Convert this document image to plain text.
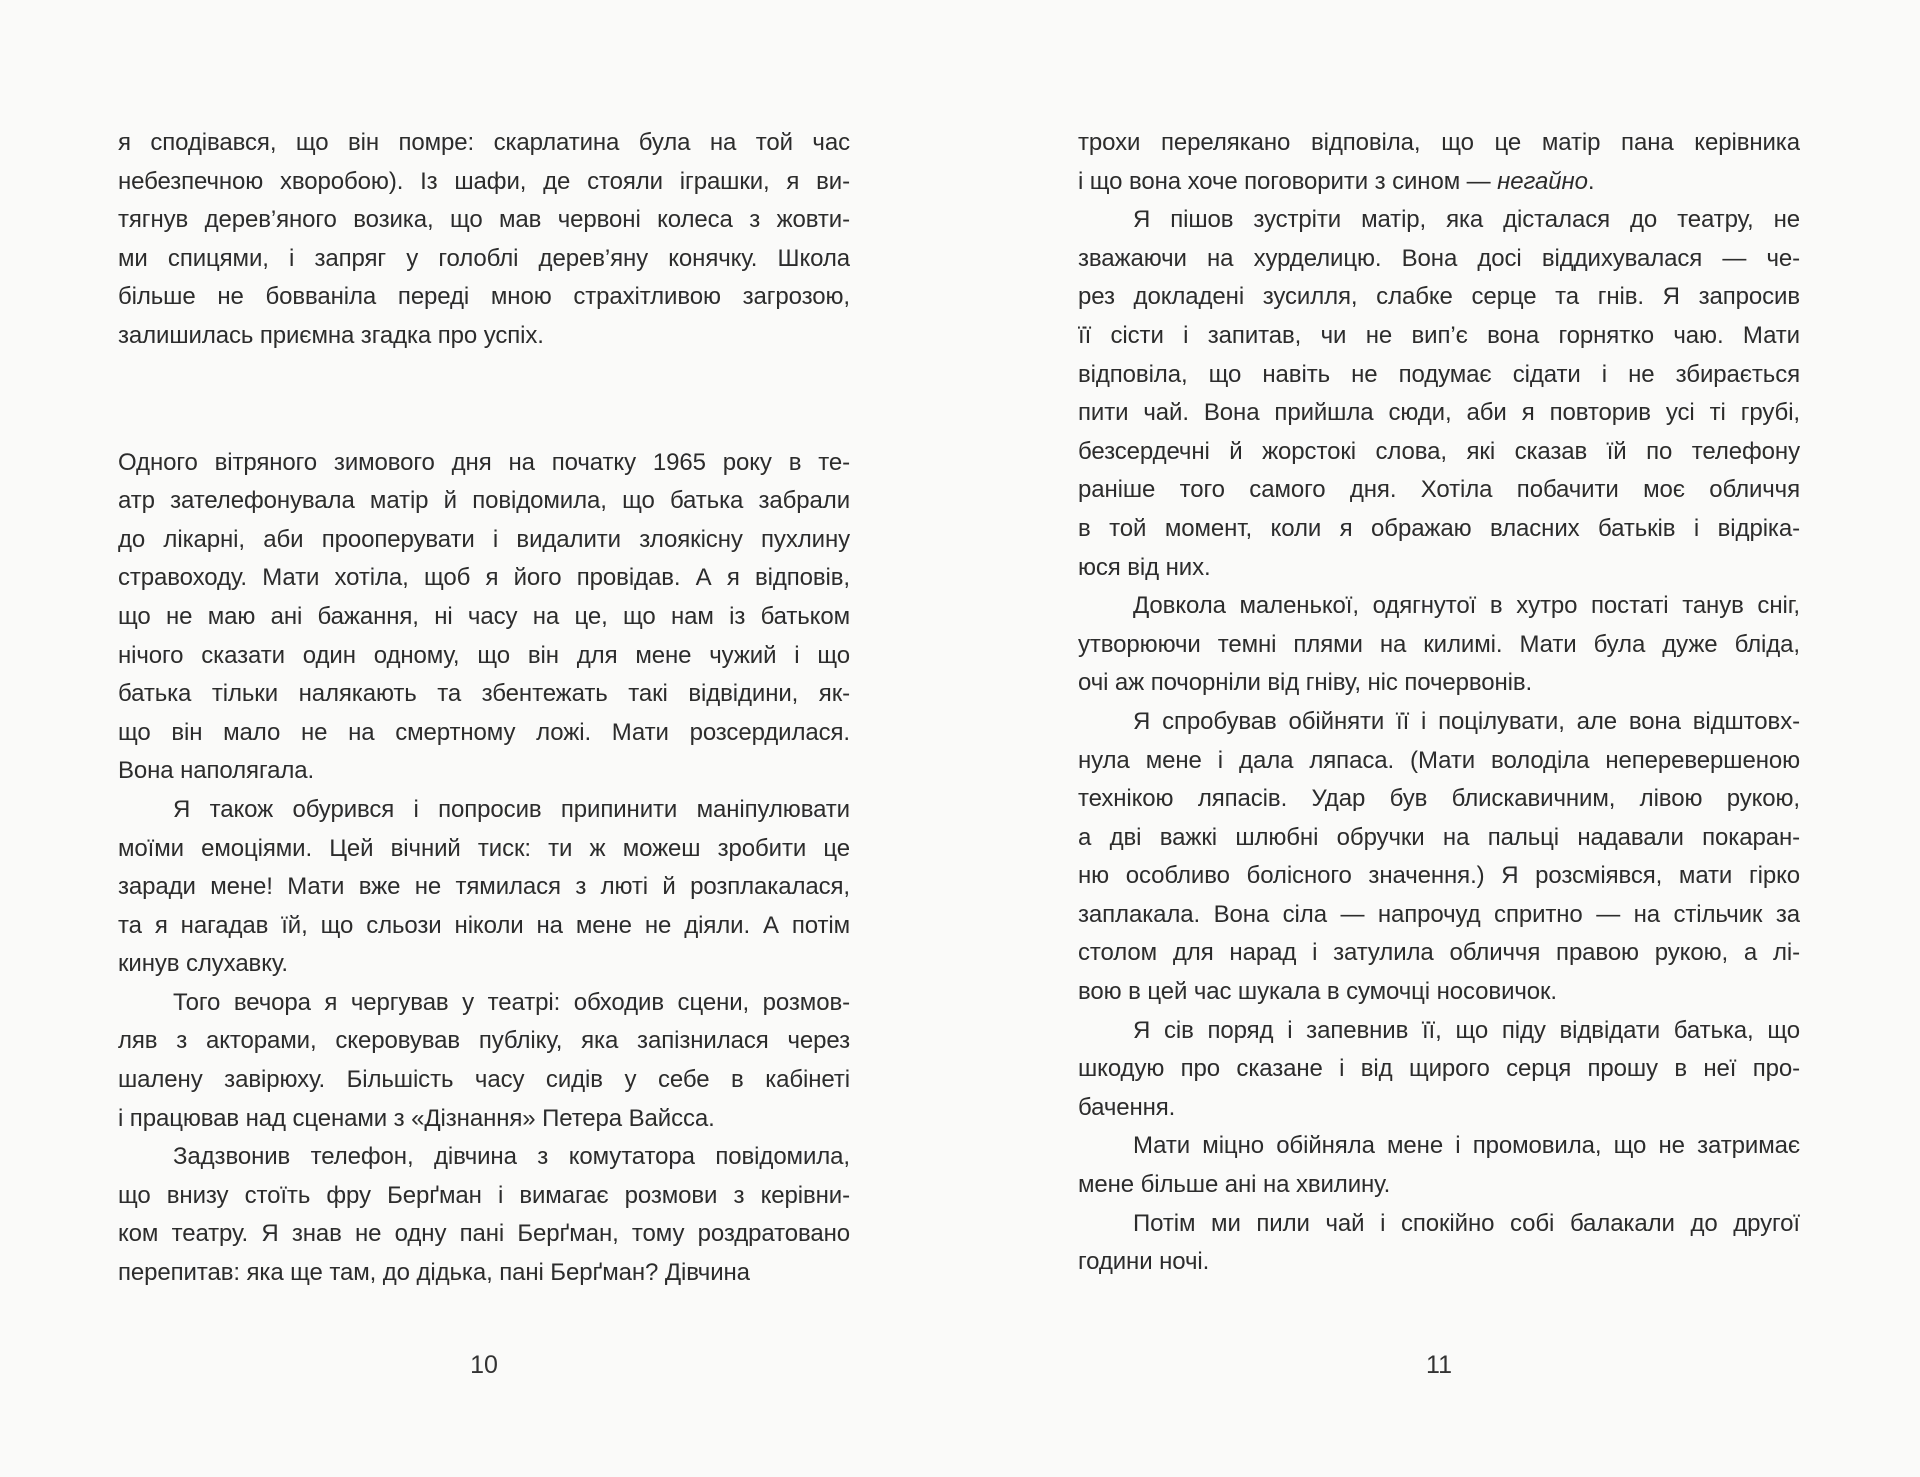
я сподівався, що він помре: скарлатина була на той час
небезпечною хворобою). Із шафи, де стояли іграшки, я ви-
тягнув дерев’яного возика, що мав червоні колеса з жовти-
ми спицями, і запряг у голоблі дерев’яну конячку. Школа
більше не бовваніла переді мною страхітливою загрозою,
залишилась приємна згадка про успіх.
Одного вітряного зимового дня на початку 1965 року в те-
атр зателефонувала матір й повідомила, що батька забрали
до лікарні, аби прооперувати і видалити злоякісну пухлину
стравоходу. Мати хотіла, щоб я його провідав. А я відповів,
що не маю ані бажання, ні часу на це, що нам із батьком
нічого сказати один одному, що він для мене чужий і що
батька тільки налякають та збентежать такі відвідини, як-
що він мало не на смертному ложі. Мати розсердилася.
Вона наполягала.
Я також обурився і попросив припинити маніпулювати
моїми емоціями. Цей вічний тиск: ти ж можеш зробити це
заради мене! Мати вже не тямилася з люті й розплакалася,
та я нагадав їй, що сльози ніколи на мене не діяли. А потім
кинув слухавку.
Того вечора я чергував у театрі: обходив сцени, розмов-
ляв з акторами, скеровував публіку, яка запізнилася через
шалену завірюху. Більшість часу сидів у себе в кабінеті
і працював над сценами з «Дізнання» Петера Вайсса.
Задзвонив телефон, дівчина з комутатора повідомила,
що внизу стоїть фру Берґман і вимагає розмови з керівни-
ком театру. Я знав не одну пані Берґман, тому роздратовано
перепитав: яка ще там, до дідька, пані Берґман? Дівчина
10
трохи перелякано відповіла, що це матір пана керівника
і що вона хоче поговорити з сином — негайно.
Я пішов зустріти матір, яка дісталася до театру, не
зважаючи на хурделицю. Вона досі віддихувалася — че-
рез докладені зусилля, слабке серце та гнів. Я запросив
її сісти і запитав, чи не вип’є вона горнятко чаю. Мати
відповіла, що навіть не подумає сідати і не збирається
пити чай. Вона прийшла сюди, аби я повторив усі ті грубі,
безсердечні й жорстокі слова, які сказав їй по телефону
раніше того самого дня. Хотіла побачити моє обличчя
в той момент, коли я ображаю власних батьків і відріка-
юся від них.
Довкола маленької, одягнутої в хутро постаті танув сніг,
утворюючи темні плями на килимі. Мати була дуже бліда,
очі аж почорніли від гніву, ніс почервонів.
Я спробував обійняти її і поцілувати, але вона відштовх-
нула мене і дала ляпаса. (Мати володіла неперевершеною
технікою ляпасів. Удар був блискавичним, лівою рукою,
а дві важкі шлюбні обручки на пальці надавали покаран-
ню особливо болісного значення.) Я розсміявся, мати гірко
заплакала. Вона сіла — напрочуд спритно — на стільчик за
столом для нарад і затулила обличчя правою рукою, а лі-
вою в цей час шукала в сумочці носовичок.
Я сів поряд і запевнив її, що піду відвідати батька, що
шкодую про сказане і від щирого серця прошу в неї про-
бачення.
Мати міцно обійняла мене і промовила, що не затримає
мене більше ані на хвилину.
Потім ми пили чай і спокійно собі балакали до другої
години ночі.
11
